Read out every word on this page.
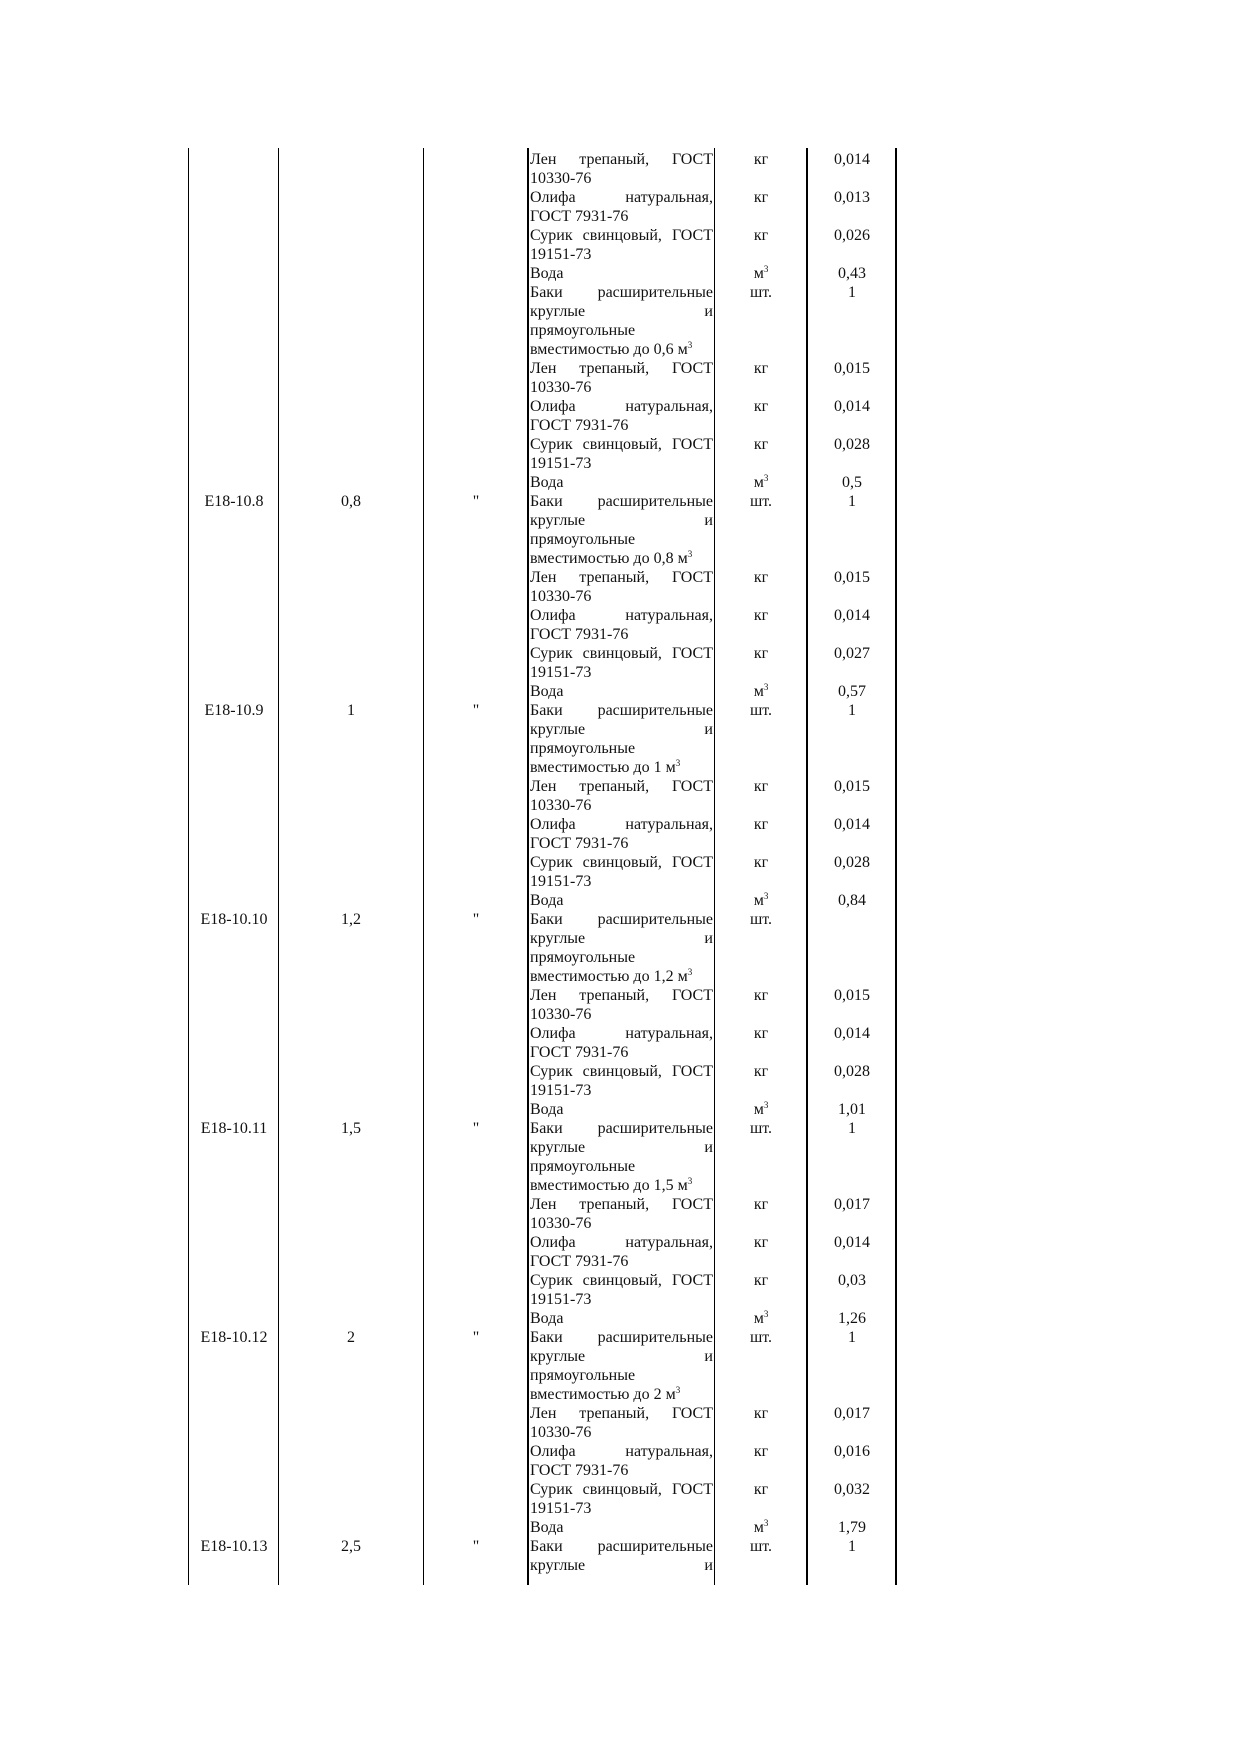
Лен трепаный, ГОСТ	кг	0,014
10330-76
Олифа натуральная,	кг	0,013
ГОСТ 7931-76
Сурик свинцовый, ГОСТ	кг	0,026
19151-73
Вода	$м^3$	0,43
Баки расширительные	шт.	1
круглые и
прямоугольные
вместимостью до 0,6 $м^3$
Лен трепаный, ГОСТ	кг	0,015
10330-76
Олифа натуральная,	кг	0,014
ГОСТ 7931-76
Сурик свинцовый, ГОСТ	кг	0,028
19151-73
Вода	$м^3$	0,5
Е18-10.8	0,8	"	Баки расширительные	шт.	1
круглые и
прямоугольные
вместимостью до 0,8 $м^3$
Лен трепаный, ГОСТ	кг	0,015
10330-76
Олифа натуральная,	кг	0,014
ГОСТ 7931-76
Сурик свинцовый, ГОСТ	кг	0,027
19151-73
Вода	$м^3$	0,57
Е18-10.9	1	"	Баки расширительные	шт.	1
круглые и
прямоугольные
вместимостью до 1 $м^3$
Лен трепаный, ГОСТ	кг	0,015
10330-76
Олифа натуральная,	кг	0,014
ГОСТ 7931-76
Сурик свинцовый, ГОСТ	кг	0,028
19151-73
Вода	$м^3$	0,84
Е18-10.10	1,2	"	Баки расширительные	шт.
круглые и
прямоугольные
вместимостью до 1,2 $м^3$
Лен трепаный, ГОСТ	кг	0,015
10330-76
Олифа натуральная,	кг	0,014
ГОСТ 7931-76
Сурик свинцовый, ГОСТ	кг	0,028
19151-73
Вода	$м^3$	1,01
Е18-10.11	1,5	"	Баки расширительные	шт.	1
круглые и
прямоугольные
вместимостью до 1,5 $м^3$
Лен трепаный, ГОСТ	кг	0,017
10330-76
Олифа натуральная,	кг	0,014
ГОСТ 7931-76
Сурик свинцовый, ГОСТ	кг	0,03
19151-73
Вода	$м^3$	1,26
Е18-10.12	2	"	Баки расширительные	шт.	1
круглые и
прямоугольные
вместимостью до 2 $м^3$
Лен трепаный, ГОСТ	кг	0,017
10330-76
Олифа натуральная,	кг	0,016
ГОСТ 7931-76
Сурик свинцовый, ГОСТ	кг	0,032
19151-73
Вода	$м^3$	1,79
Е18-10.13	2,5	"	Баки расширительные	шт.	1
круглые и
